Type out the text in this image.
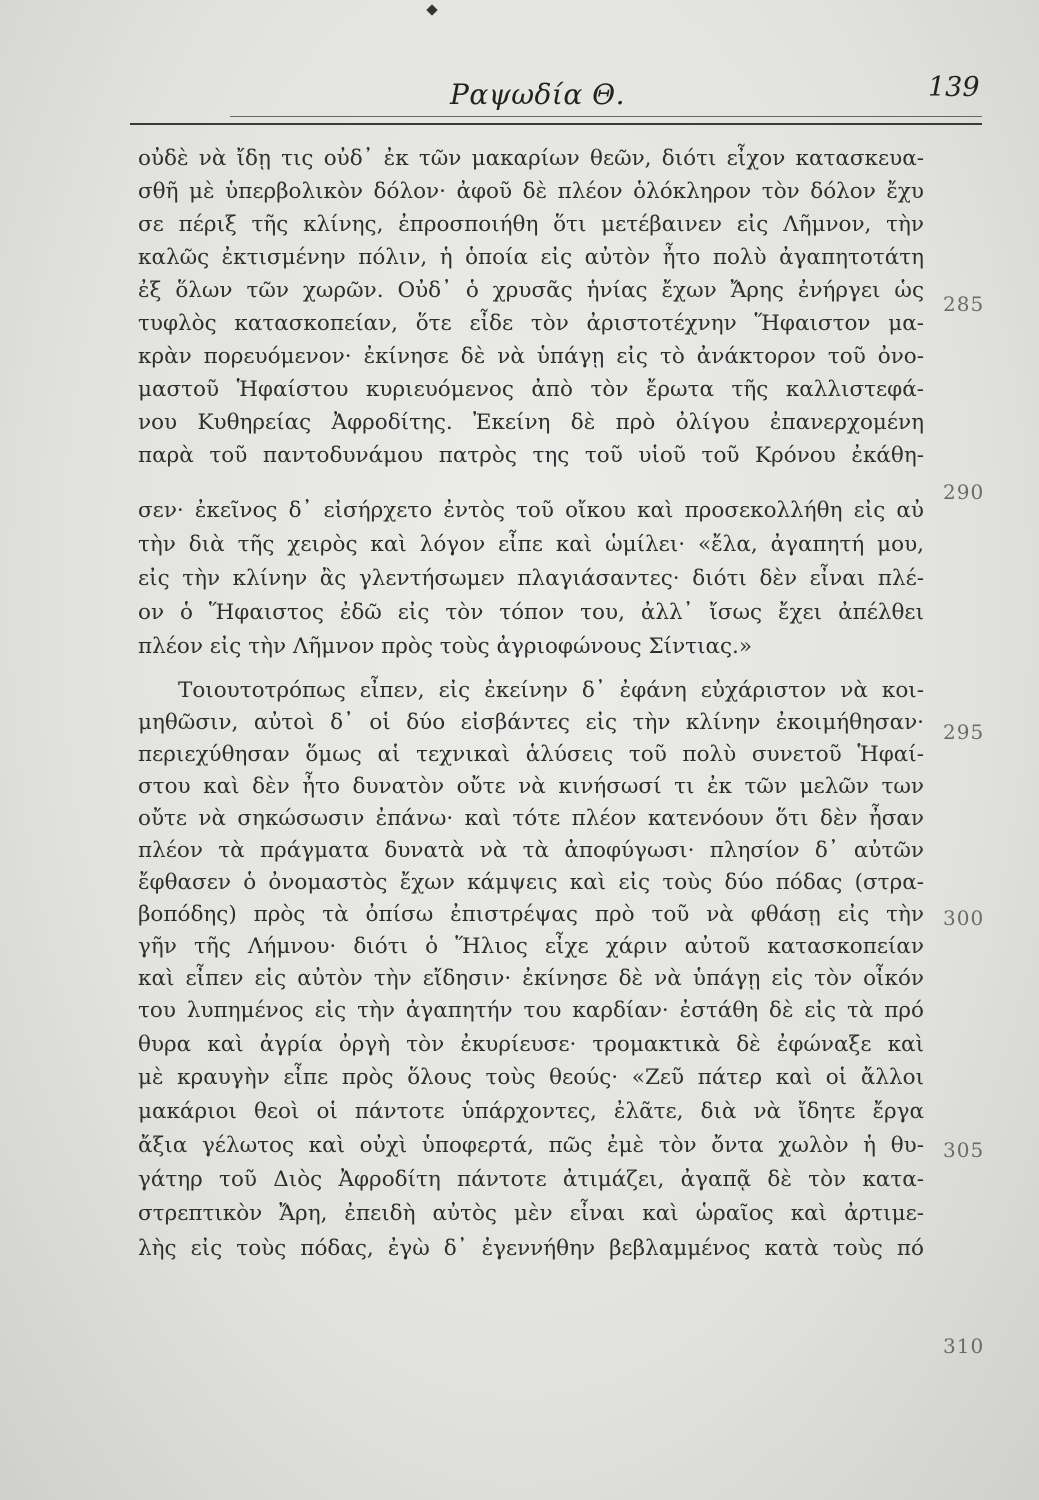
Ραψωδία Θ.	139
οὐδὲ νὰ ἴδῃ τις οὐδ᾽ ἐκ τῶν μακαρίων θεῶν, διότι εἶχον κατασκευα-
σθῆ μὲ ὑπερβολικὸν δόλον· ἀφοῦ δὲ πλέον ὁλόκληρον τὸν δόλον ἔχυ
σε πέριξ τῆς κλίνης, ἐπροσποιήθη ὅτι μετέβαινεν εἰς Λῆμνον, τὴν
καλῶς ἐκτισμένην πόλιν, ἡ ὁποία εἰς αὐτὸν ἦτο πολὺ ἀγαπητοτάτη
ἐξ ὅλων τῶν χωρῶν. Οὐδ᾽ ὁ χρυσᾶς ἡνίας ἔχων Ἄρης ἐνήργει ὡς
τυφλὸς κατασκοπείαν, ὅτε εἶδε τὸν ἀριστοτέχνην Ἥφαιστον μα-
κρὰν πορευόμενον· ἐκίνησε δὲ νὰ ὑπάγῃ εἰς τὸ ἀνάκτορον τοῦ ὀνο-
μαστοῦ Ἡφαίστου κυριευόμενος ἀπὸ τὸν ἔρωτα τῆς καλλιστεφά-
νου Κυθηρείας Ἀφροδίτης. Ἐκείνη δὲ πρὸ ὀλίγου ἐπανερχομένη
παρὰ τοῦ παντοδυνάμου πατρὸς της τοῦ υἱοῦ τοῦ Κρόνου ἐκάθη-
σεν· ἐκεῖνος δ᾽ εἰσήρχετο ἐντὸς τοῦ οἴκου καὶ προσεκολλήθη εἰς αὐ
τὴν διὰ τῆς χειρὸς καὶ λόγον εἶπε καὶ ὡμίλει· «ἔλα, ἀγαπητή μου,
εἰς τὴν κλίνην ἂς γλεντήσωμεν πλαγιάσαντες· διότι δὲν εἶναι πλέ-
ον ὁ Ἥφαιστος ἐδῶ εἰς τὸν τόπον του, ἀλλ᾽ ἴσως ἔχει ἀπέλθει
πλέον εἰς τὴν Λῆμνον πρὸς τοὺς ἀγριοφώνους Σίντιας.»
Τοιουτοτρόπως εἶπεν, εἰς ἐκείνην δ᾽ ἐφάνη εὐχάριστον νὰ κοι-
μηθῶσιν, αὐτοὶ δ᾽ οἱ δύο εἰσβάντες εἰς τὴν κλίνην ἐκοιμήθησαν·
περιεχύθησαν ὅμως αἱ τεχνικαὶ ἁλύσεις τοῦ πολὺ συνετοῦ Ἡφαί-
στου καὶ δὲν ἦτο δυνατὸν οὔτε νὰ κινήσωσί τι ἐκ τῶν μελῶν των
οὔτε νὰ σηκώσωσιν ἐπάνω· καὶ τότε πλέον κατενόουν ὅτι δὲν ἦσαν
πλέον τὰ πράγματα δυνατὰ νὰ τὰ ἀποφύγωσι· πλησίον δ᾽ αὐτῶν
ἔφθασεν ὁ ὀνομαστὸς ἔχων κάμψεις καὶ εἰς τοὺς δύο πόδας (στρα-
βοπόδης) πρὸς τὰ ὀπίσω ἐπιστρέψας πρὸ τοῦ νὰ φθάσῃ εἰς τὴν
γῆν τῆς Λήμνου· διότι ὁ Ἥλιος εἶχε χάριν αὐτοῦ κατασκοπείαν
καὶ εἶπεν εἰς αὐτὸν τὴν εἴδησιν· ἐκίνησε δὲ νὰ ὑπάγῃ εἰς τὸν οἶκόν
του λυπημένος εἰς τὴν ἀγαπητήν του καρδίαν· ἐστάθη δὲ εἰς τὰ πρό
θυρα καὶ ἀγρία ὀργὴ τὸν ἐκυρίευσε· τρομακτικὰ δὲ ἐφώναξε καὶ
μὲ κραυγὴν εἶπε πρὸς ὅλους τοὺς θεούς· «Ζεῦ πάτερ καὶ οἱ ἄλλοι
μακάριοι θεοὶ οἱ πάντοτε ὑπάρχοντες, ἐλᾶτε, διὰ νὰ ἴδητε ἔργα
ἄξια γέλωτος καὶ οὐχὶ ὑποφερτά, πῶς ἐμὲ τὸν ὄντα χωλὸν ἡ θυ-
γάτηρ τοῦ Διὸς Ἀφροδίτη πάντοτε ἀτιμάζει, ἀγαπᾷ δὲ τὸν κατα-
στρεπτικὸν Ἄρη, ἐπειδὴ αὐτὸς μὲν εἶναι καὶ ὡραῖος καὶ ἀρτιμε-
λὴς εἰς τοὺς πόδας, ἐγὼ δ᾽ ἐγεννήθην βεβλαμμένος κατὰ τοὺς πό
285
290
295
300
305
310
